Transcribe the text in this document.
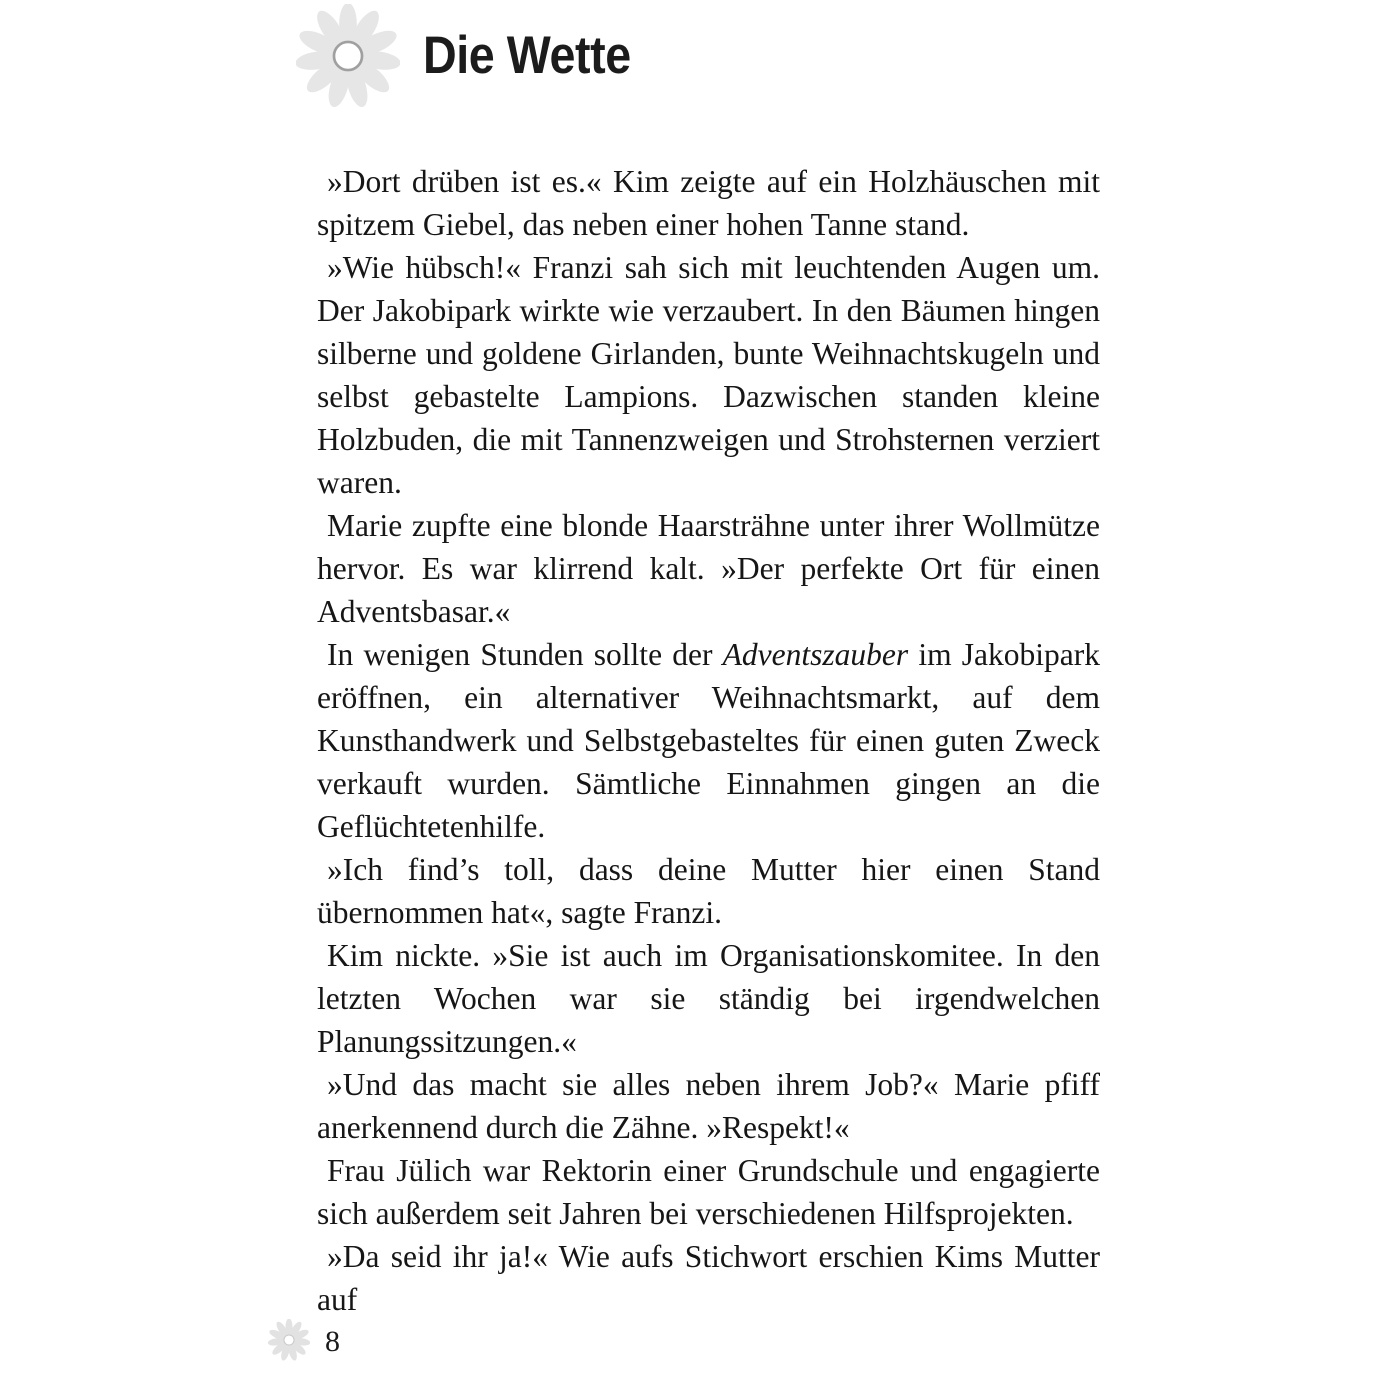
Die Wette

»Dort drüben ist es.« Kim zeigte auf ein Holzhäuschen mit spitzem Giebel, das neben einer hohen Tanne stand.

»Wie hübsch!« Franzi sah sich mit leuchtenden Augen um. Der Jakobipark wirkte wie verzaubert. In den Bäumen hingen silberne und goldene Girlanden, bunte Weihnachtskugeln und selbst gebastelte Lampions. Dazwischen standen kleine Holzbuden, die mit Tannenzweigen und Strohsternen verziert waren.

Marie zupfte eine blonde Haarsträhne unter ihrer Wollmütze hervor. Es war klirrend kalt. »Der perfekte Ort für einen Adventsbasar.«

In wenigen Stunden sollte der Adventszauber im Jakobipark eröffnen, ein alternativer Weihnachtsmarkt, auf dem Kunsthandwerk und Selbstgebasteltes für einen guten Zweck verkauft wurden. Sämtliche Einnahmen gingen an die Geflüchtetenhilfe.

»Ich find’s toll, dass deine Mutter hier einen Stand übernommen hat«, sagte Franzi.

Kim nickte. »Sie ist auch im Organisationskomitee. In den letzten Wochen war sie ständig bei irgendwelchen Planungssitzungen.«

»Und das macht sie alles neben ihrem Job?« Marie pfiff anerkennend durch die Zähne. »Respekt!«

Frau Jülich war Rektorin einer Grundschule und engagierte sich außerdem seit Jahren bei verschiedenen Hilfsprojekten.

»Da seid ihr ja!« Wie aufs Stichwort erschien Kims Mutter auf

8
